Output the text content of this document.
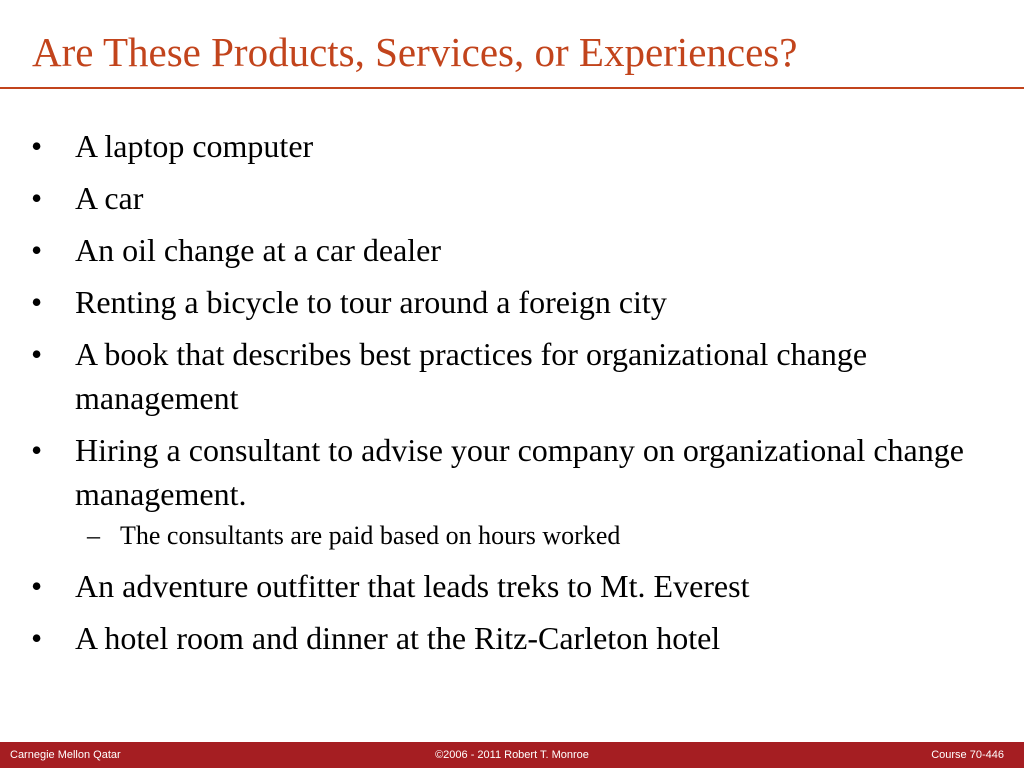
Are These Products, Services, or Experiences?
• A laptop computer
• A car
• An oil change at a car dealer
• Renting a bicycle to tour around a foreign city
• A book that describes best practices for organizational change management
• Hiring a consultant to advise your company on organizational change management.
– The consultants are paid based on hours worked
• An adventure outfitter that leads treks to Mt. Everest
• A hotel room and dinner at the Ritz-Carleton hotel
Carnegie Mellon Qatar	©2006 - 2011 Robert T. Monroe	Course 70-446
